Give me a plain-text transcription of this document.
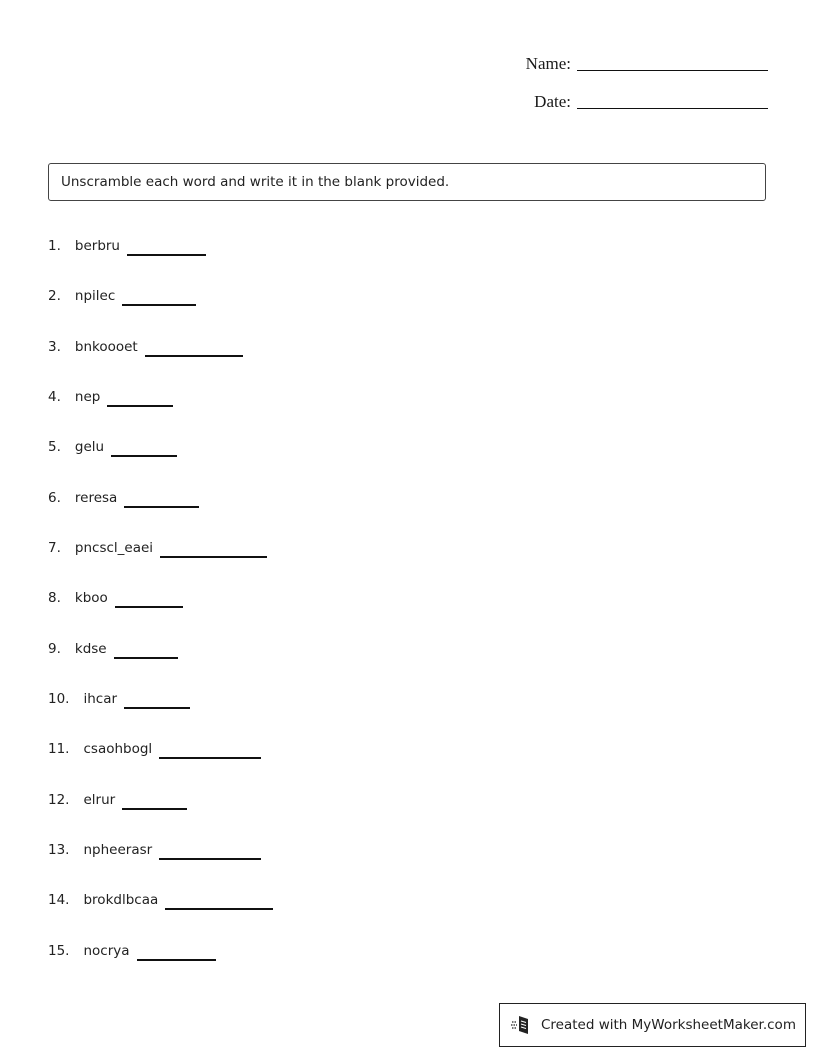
Name:
Date:
Unscramble each word and write it in the blank provided.
1. berbru
2. npilec
3. bnkoooet
4. nep
5. gelu
6. reresa
7. pncscl_eaei
8. kboo
9. kdse
10. ihcar
11. csaohbogl
12. elrur
13. npheerasr
14. brokdlbcaa
15. nocrya
Created with MyWorksheetMaker.com
